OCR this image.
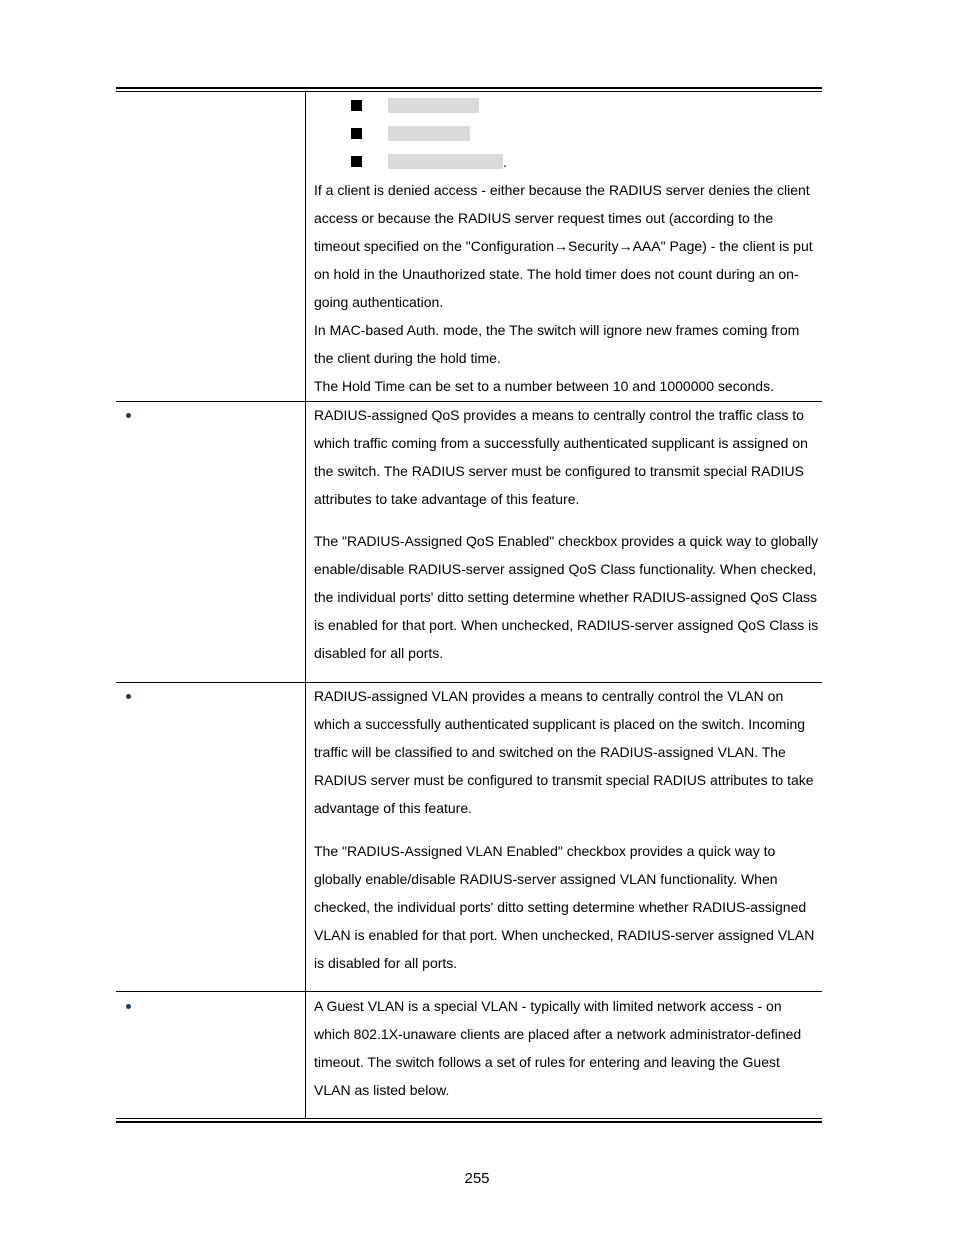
.

If a client is denied access - either because the RADIUS server denies the client access or because the RADIUS server request times out (according to the timeout specified on the "Configuration→Security→AAA" Page) - the client is put on hold in the Unauthorized state. The hold timer does not count during an on-going authentication.

In MAC-based Auth. mode, the The switch will ignore new frames coming from the client during the hold time.

The Hold Time can be set to a number between 10 and 1000000 seconds.

RADIUS-assigned QoS provides a means to centrally control the traffic class to which traffic coming from a successfully authenticated supplicant is assigned on the switch. The RADIUS server must be configured to transmit special RADIUS attributes to take advantage of this feature.

The "RADIUS-Assigned QoS Enabled" checkbox provides a quick way to globally enable/disable RADIUS-server assigned QoS Class functionality. When checked, the individual ports' ditto setting determine whether RADIUS-assigned QoS Class is enabled for that port. When unchecked, RADIUS-server assigned QoS Class is disabled for all ports.

RADIUS-assigned VLAN provides a means to centrally control the VLAN on which a successfully authenticated supplicant is placed on the switch. Incoming traffic will be classified to and switched on the RADIUS-assigned VLAN. The RADIUS server must be configured to transmit special RADIUS attributes to take advantage of this feature.

The "RADIUS-Assigned VLAN Enabled" checkbox provides a quick way to globally enable/disable RADIUS-server assigned VLAN functionality. When checked, the individual ports' ditto setting determine whether RADIUS-assigned VLAN is enabled for that port. When unchecked, RADIUS-server assigned VLAN is disabled for all ports.

A Guest VLAN is a special VLAN - typically with limited network access - on which 802.1X-unaware clients are placed after a network administrator-defined timeout. The switch follows a set of rules for entering and leaving the Guest VLAN as listed below.

255
